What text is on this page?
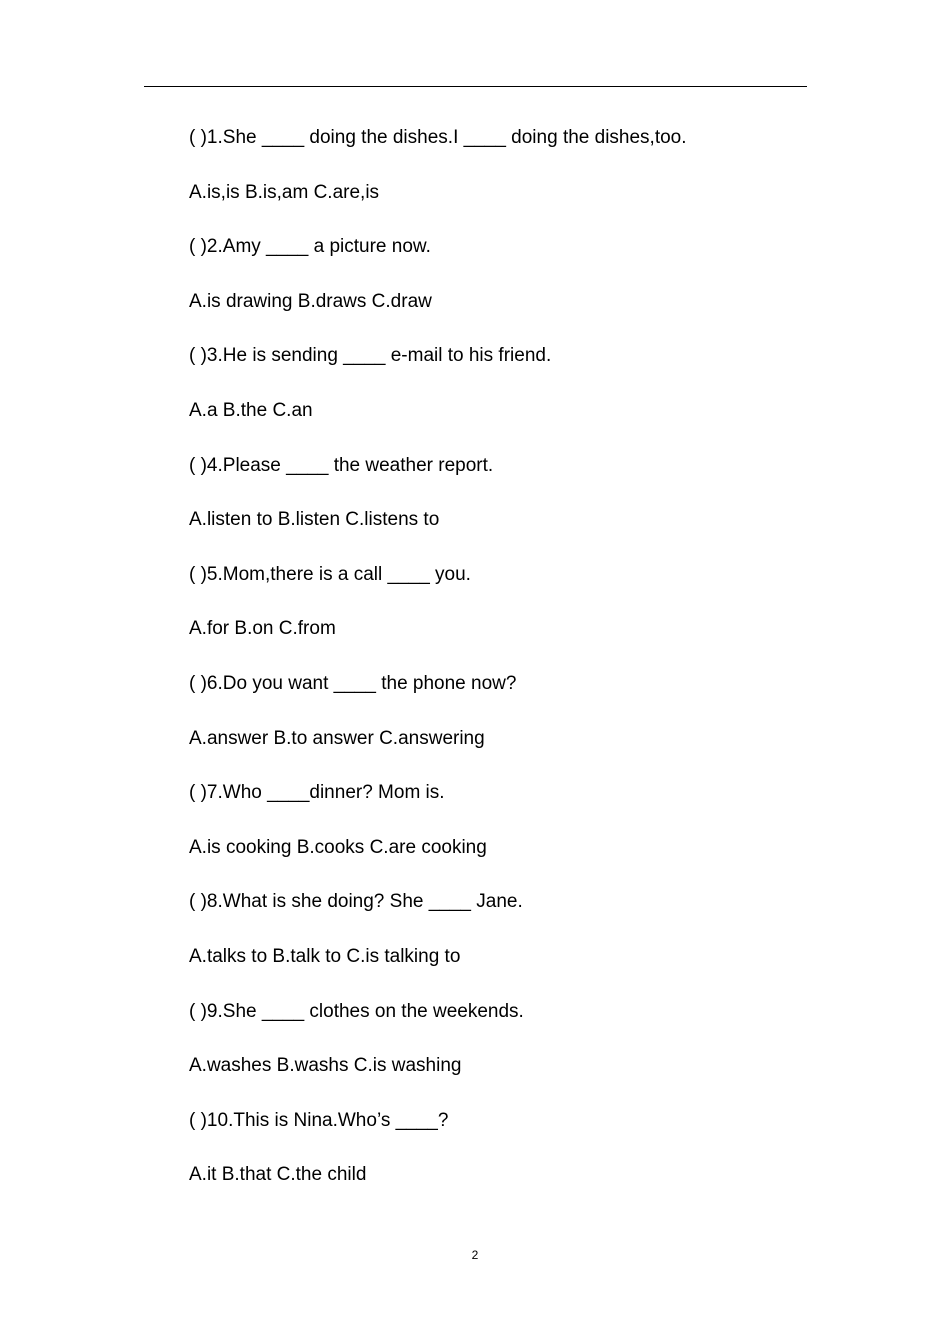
( )1.She ____ doing the dishes.I ____ doing the dishes,too.
A.is,is B.is,am C.are,is
( )2.Amy ____ a picture now.
A.is drawing B.draws C.draw
( )3.He is sending ____ e-mail to his friend.
A.a B.the C.an
( )4.Please ____ the weather report.
A.listen to B.listen C.listens to
( )5.Mom,there is a call ____ you.
A.for B.on C.from
( )6.Do you want ____ the phone now?
A.answer B.to answer C.answering
( )7.Who ____dinner? Mom is.
A.is cooking B.cooks C.are cooking
( )8.What is she doing? She ____ Jane.
A.talks to B.talk to C.is talking to
( )9.She ____ clothes on the weekends.
A.washes B.washs C.is washing
( )10.This is Nina.Who’s ____?
A.it B.that C.the child
2
